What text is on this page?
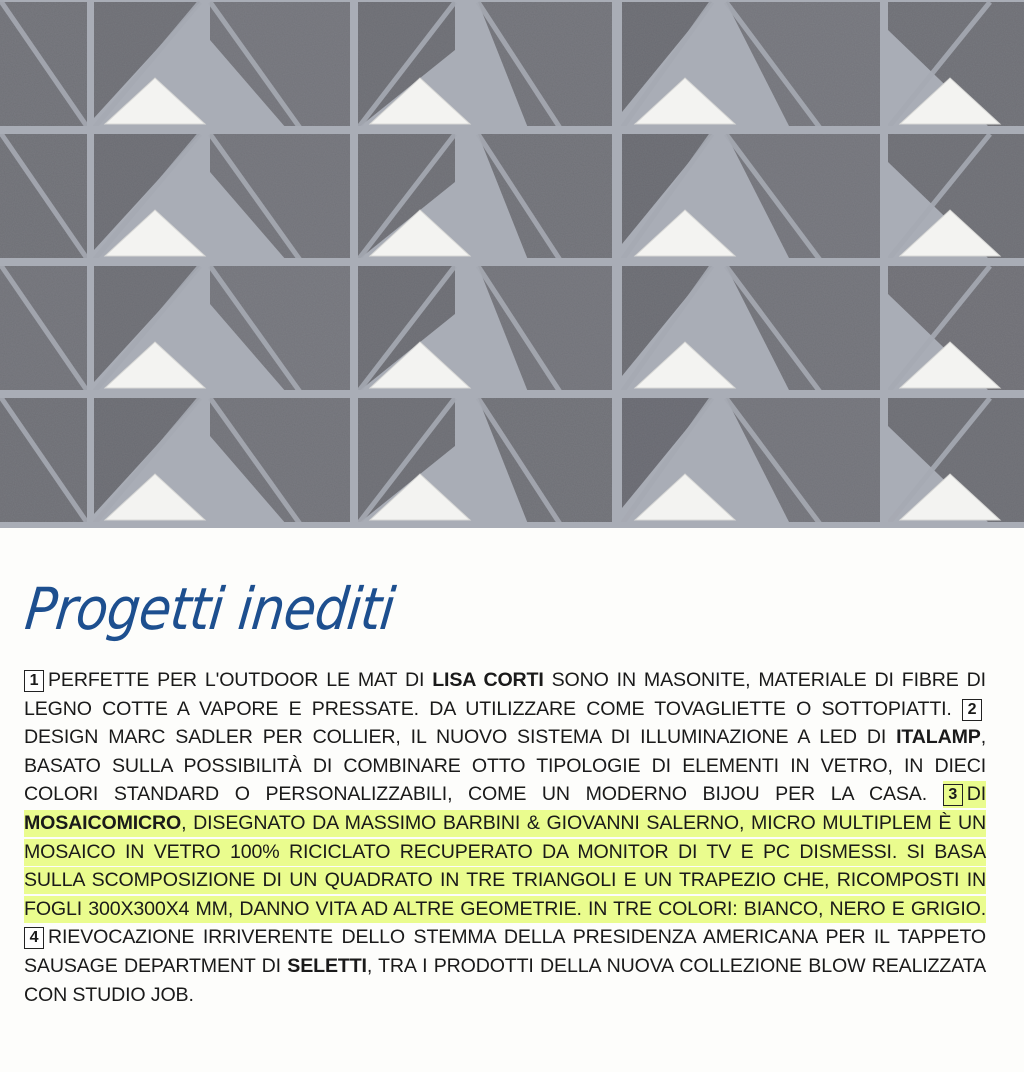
Progetti inediti
1 PERFETTE PER L'OUTDOOR LE MAT DI LISA CORTI SONO IN MASONITE, MATERIALE DI FIBRE DI LEGNO COTTE A VAPORE E PRESSATE. DA UTILIZZARE COME TOVAGLIETTE O SOTTOPIATTI. 2DESIGN MARC SADLER PER COLLIER, IL NUOVO SISTEMA DI ILLUMINAZIONE A LED DI ITALAMP, BASATO SULLA POSSIBILITÀ DI COMBINARE OTTO TIPOLOGIE DI ELEMENTI IN VETRO, IN DIECI COLORI STANDARD O PERSONALIZZABILI, COME UN MODERNO BIJOU PER LA CASA. 3 DI MOSAICOMICRO, DISEGNATO DA MASSIMO BARBINI & GIOVANNI SALERNO, MICRO MULTIPLEM È UN MOSAICO IN VETRO 100% RICICLATO RECUPERATO DA MONITOR DI TV E PC DISMESSI. SI BASA SULLA SCOMPOSIZIONE DI UN QUADRATO IN TRE TRIANGOLI E UN TRAPEZIO CHE, RICOMPOSTI IN FOGLI 300X300X4 MM, DANNO VITA AD ALTRE GEOMETRIE. IN TRE COLORI: BIANCO, NERO E GRIGIO. 4 RIEVOCAZIONE IRRIVERENTE DELLO STEMMA DELLA PRESIDENZA AMERICANA PER IL TAPPETO SAUSAGE DEPARTMENT DI SELETTI, TRA I PRODOTTI DELLA NUOVA COLLEZIONE BLOW REALIZZATA CON STUDIO JOB.
